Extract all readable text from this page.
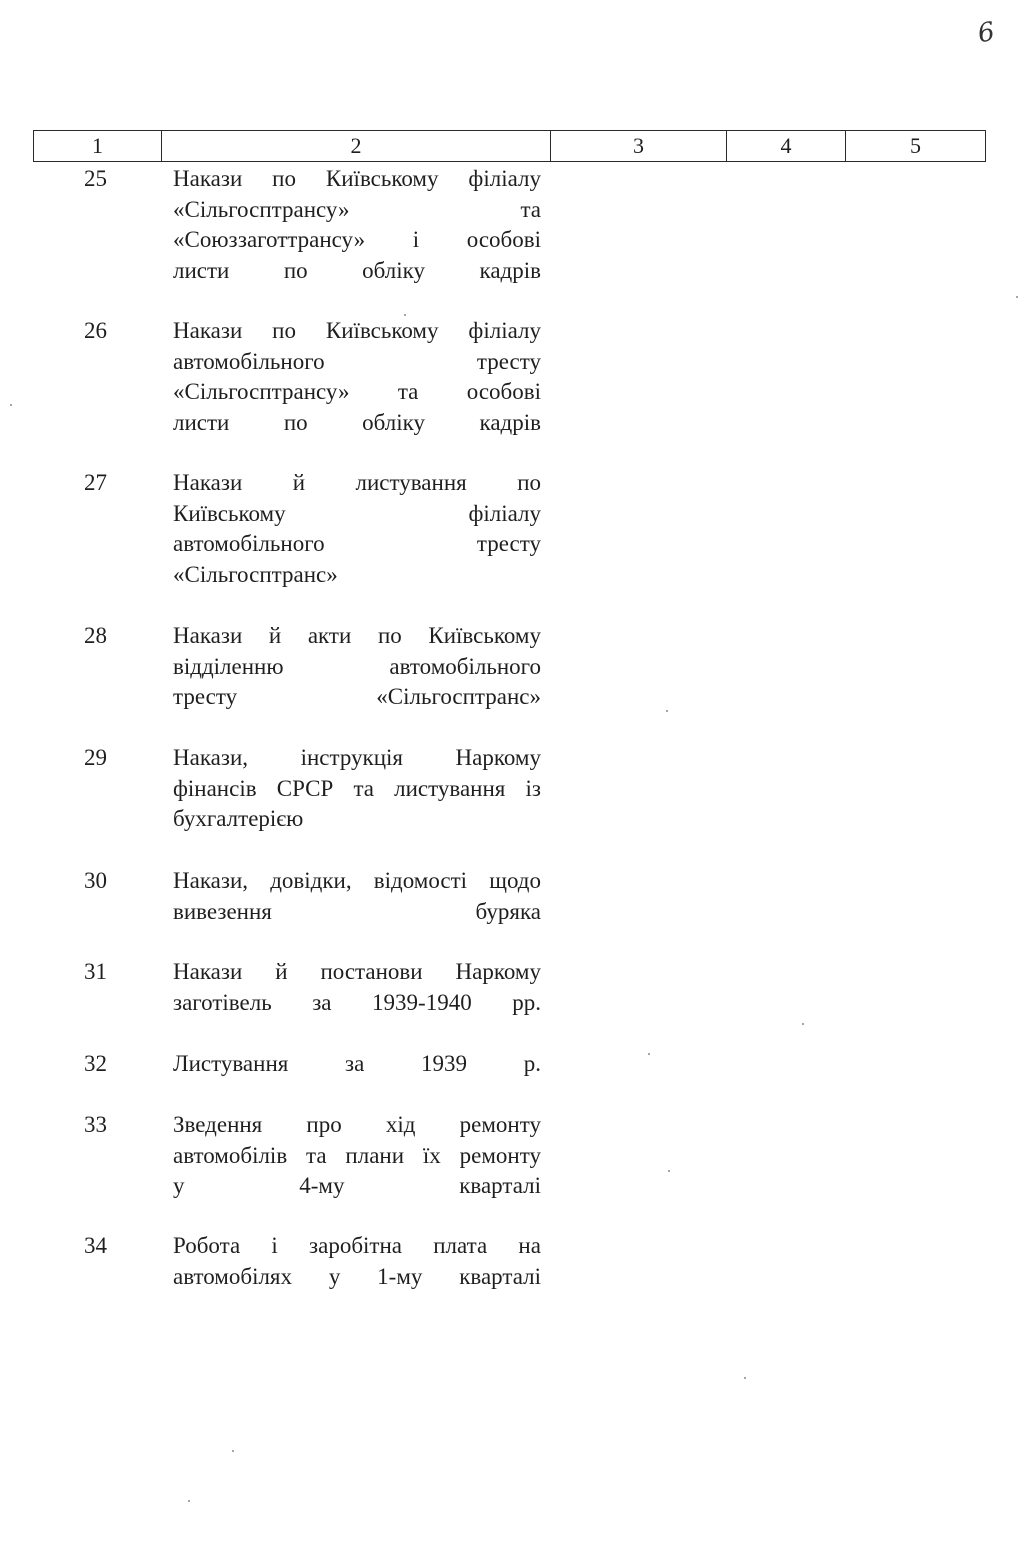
6
1	2	3	4	5
25	Накази по Київському філіалу
«Сільгосптрансу»	та
«Союззаготтрансу» і особові
листи по обліку кадрів
26	Накази по Київському філіалу
автомобільного	тресту
«Сільгосптрансу» та особові
листи по обліку кадрів
27	Накази й листування по
Київському	філіалу
автомобільного	тресту
«Сільгосптранс»
28	Накази й акти по Київському
відділенню	автомобільного
тресту «Сільгосптранс»
29	Накази, інструкція Наркому
фінансів СРСР та листування із
бухгалтерією
30	Накази, довідки, відомості щодо
вивезення буряка
31	Накази й постанови Наркому
заготівель за 1939-1940 рр.
32	Листування за 1939 р.
33	Зведення про хід ремонту
автомобілів та плани їх ремонту
у 4-му кварталі
34	Робота і заробітна плата на
автомобілях у 1-му кварталі
